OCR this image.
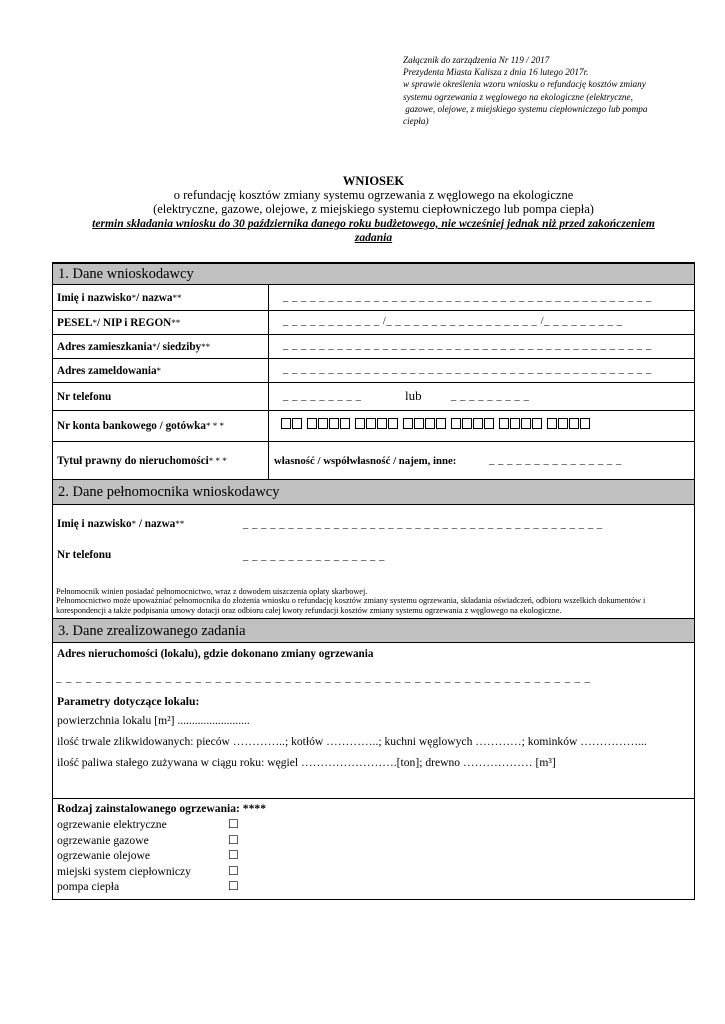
Załącznik do zarządzenia Nr 119 / 2017
Prezydenta Miasta Kalisza z dnia 16 lutego 2017r.
w sprawie określenia wzoru wniosku o refundację kosztów zmiany
systemu ogrzewania z węglowego na ekologiczne (elektryczne,
gazowe, olejowe, z miejskiego systemu ciepłowniczego lub pompa
ciepła)
WNIOSEK
o refundację kosztów zmiany systemu ogrzewania z węglowego na ekologiczne
(elektryczne, gazowe, olejowe, z miejskiego systemu ciepłowniczego lub pompa ciepła)
termin składania wniosku do 30 października danego roku budżetowego, nie wcześniej jednak niż przed zakończeniem
zadania
1. Dane wnioskodawcy
Imię i nazwisko * / nazwa **	_ _ _ _ _ _ _ _ _ _ _ _ _ _ _ _ _ _ _ _ _ _ _ _ _ _ _ _ _ _ _ _ _ _ _ _ _ _ _ _ _
PESEL * / NIP i REGON **	_ _ _ _ _ _ _ _ _ _ _ /_ _ _ _ _ _ _ _ _ _ _ _ _ _ _ _ _ /_ _ _ _ _ _ _ _ _
Adres zamieszkania * / siedziby **	_ _ _ _ _ _ _ _ _ _ _ _ _ _ _ _ _ _ _ _ _ _ _ _ _ _ _ _ _ _ _ _ _ _ _ _ _ _ _ _ _
Adres zameldowania *	_ _ _ _ _ _ _ _ _ _ _ _ _ _ _ _ _ _ _ _ _ _ _ _ _ _ _ _ _ _ _ _ _ _ _ _ _ _ _ _ _
Nr telefonu	_ _ _ _ _ _ _ _ _	lub	_ _ _ _ _ _ _ _ _
Nr konta bankowego / gotówka * * *
Tytuł prawny do nieruchomości * * *	własność / współwłasność / najem, inne:	_ _ _ _ _ _ _ _ _ _ _ _ _ _ _
2. Dane pełnomocnika wnioskodawcy
Imię i nazwisko* / nazwa**	_ _ _ _ _ _ _ _ _ _ _ _ _ _ _ _ _ _ _ _ _ _ _ _ _ _ _ _ _ _ _ _ _ _ _ _ _ _ _ _
Nr telefonu	_ _ _ _ _ _ _ _ _ _ _ _ _ _ _ _
Pełnomocnik winien posiadać pełnomocnictwo, wraz z dowodem uiszczenia opłaty skarbowej.
Pełnomocnictwo może upoważniać pełnomocnika do złożenia wniosku o refundację kosztów zmiany systemu ogrzewania, składania oświadczeń, odbioru wszelkich dokumentów i korespondencji a także podpisania umowy dotacji oraz odbioru całej kwoty refundacji kosztów zmiany systemu ogrzewania z węglowego na ekologiczne.
3. Dane zrealizowanego zadania
Adres nieruchomości (lokalu), gdzie dokonano zmiany ogrzewania
_ _ _ _ _ _ _ _ _ _ _ _ _ _ _ _ _ _ _ _ _ _ _ _ _ _ _ _ _ _ _ _ _ _ _ _ _ _ _ _ _ _ _ _ _ _ _ _ _ _ _ _ _ _
Parametry dotyczące lokalu:
powierzchnia lokalu [m²] .........................
ilość trwale zlikwidowanych: pieców …………..; kotłów …………..; kuchni węglowych …………; kominków ……………...
ilość paliwa stałego zużywana w ciągu roku: węgiel …………………….[ton]; drewno ……………… [m³]
Rodzaj zainstalowanego ogrzewania: ****
ogrzewanie elektryczne	☐
ogrzewanie gazowe	☐
ogrzewanie olejowe	☐
miejski system ciepłowniczy	☐
pompa ciepła	☐
